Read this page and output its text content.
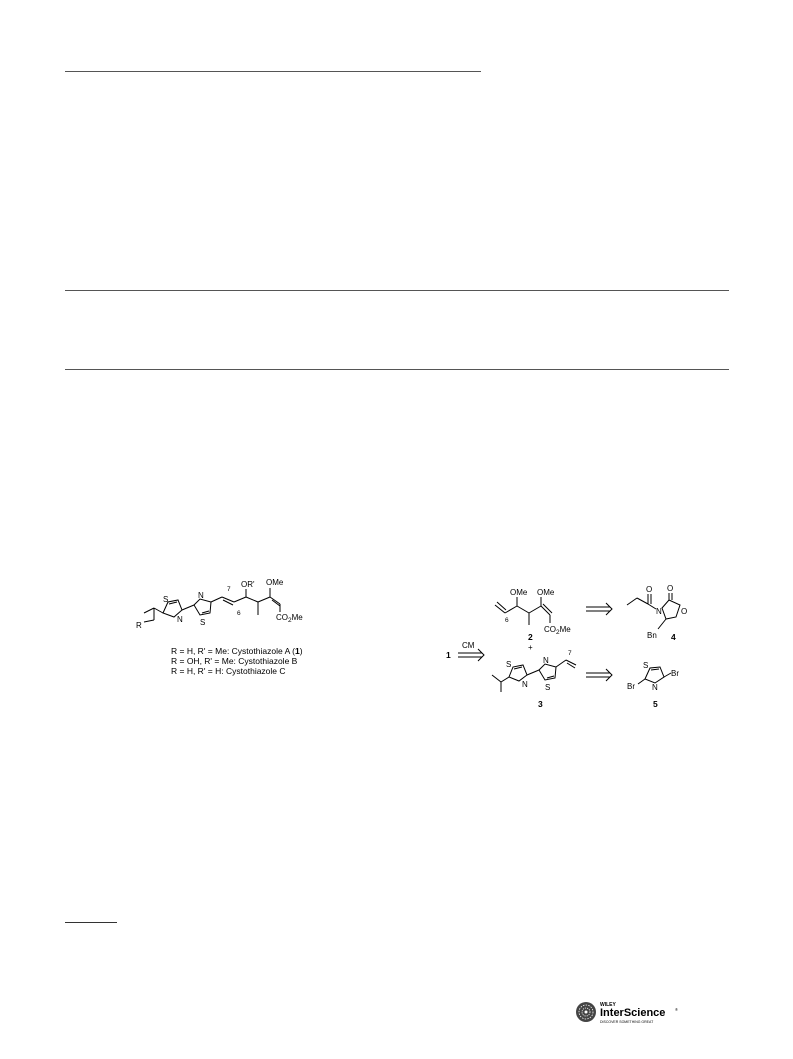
R
S
N
N
S
7
6
OR' OMe
$CO_2Me$
R = H, R' = Me: Cystothiazole A (1)
R = OH, R' = Me: Cystothiazole B
R = H, R' = H: Cystothiazole C
6
OMe OMe
$CO_2Me$
2
+
O
N
O
O
Bn 4
1
CM
S
N
N
S
7
3
Br
S
N
Br
5
WILEY
InterScience ®
DISCOVER SOMETHING GREAT
